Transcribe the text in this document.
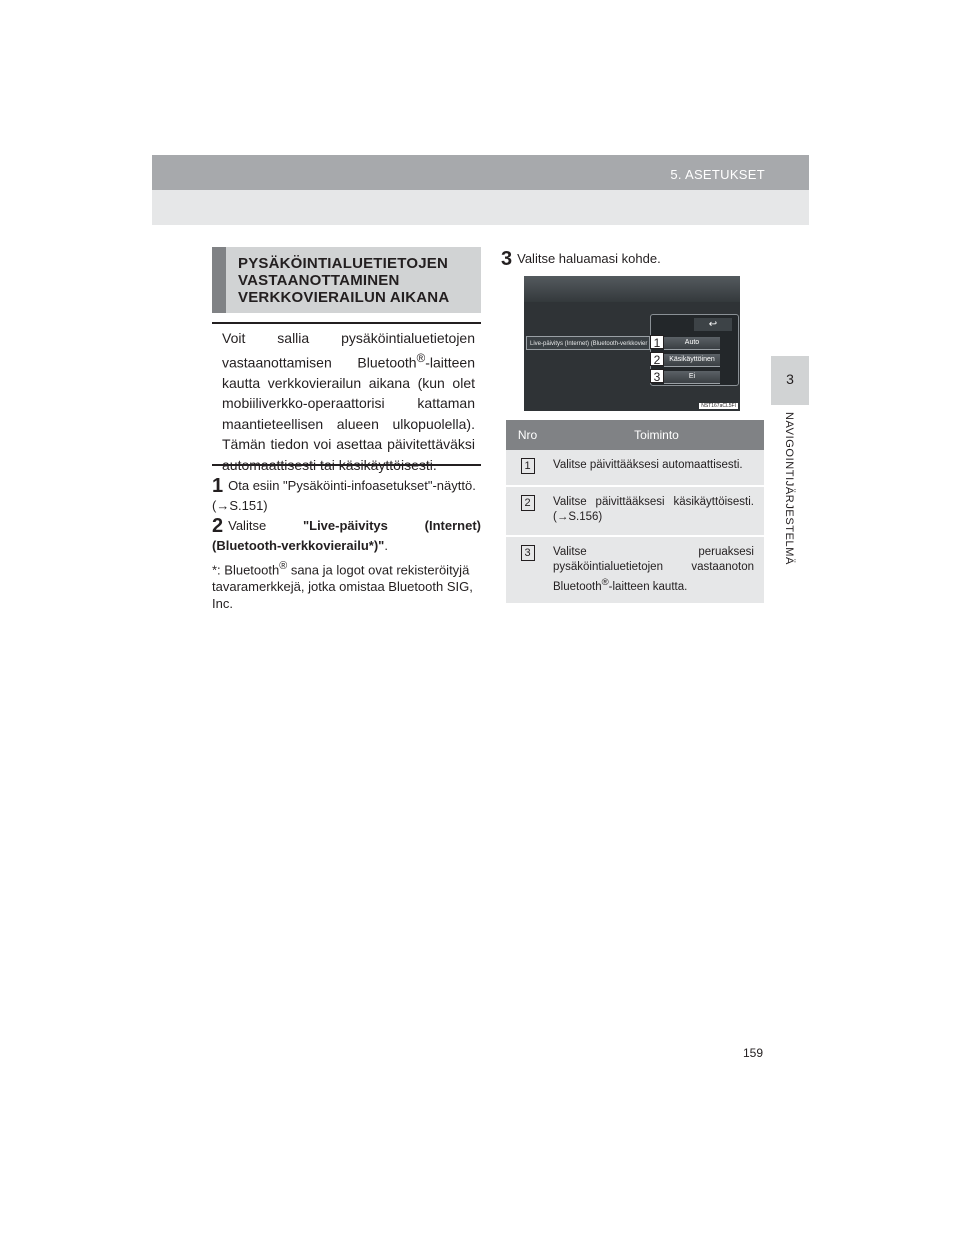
5. ASETUKSET
3
NAVIGOINTIJÄRJESTELMÄ
PYSÄKÖINTIALUETIETOJEN
VASTAANOTTAMINEN
VERKKOVIERAILUN AIKANA

Voit sallia pysäköintialuetietojen vastaanottamisen Bluetooth®-laitteen kautta verkkovierailun aikana (kun olet mobiiliverkko-operaattorisi kattaman maantieteellisen alueen ulkopuolella). Tämän tiedon voi asettaa päivitettäväksi automaattisesti tai käsikäyttöisesti.

1 Ota esiin "Pysäköinti-infoasetukset"-näyttö. (→S.151)
2 Valitse "Live-päivitys (Internet) (Bluetooth-verkkovierailu*)".
*: Bluetooth® sana ja logot ovat rekisteröityjä tavaramerkkejä, jotka omistaa Bluetooth SIG, Inc.
3 Valitse haluamasi kohde.
↩
Live-päivitys (Internet) (Bluetooth-verkkovier	Auto
Käsikäyttöinen
Ei
1
2
3
NST167aCL5FI
Nro	Toiminto
1	Valitse päivittääksesi automaattisesti.
2	Valitse päivittääksesi käsikäyttöisesti. (→S.156)
3	Valitse peruaksesi pysäköintialuetietojen vastaanoton Bluetooth®-laitteen kautta.
159
